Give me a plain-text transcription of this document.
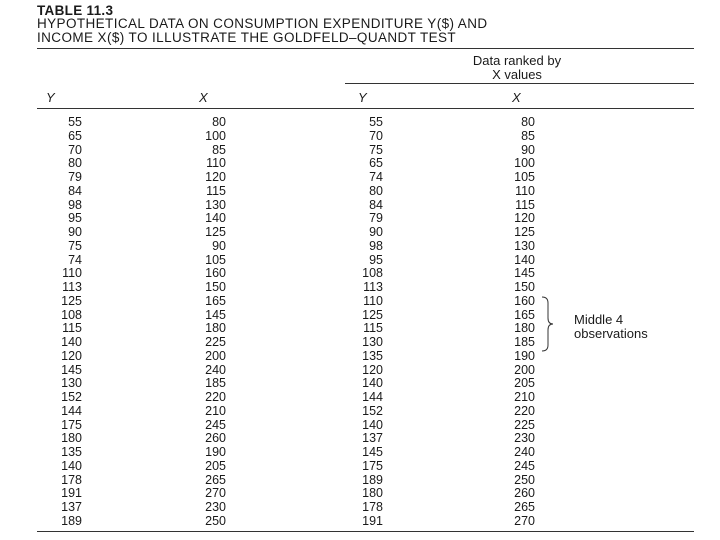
TABLE 11.3
HYPOTHETICAL DATA ON CONSUMPTION EXPENDITURE Y($) AND
INCOME X($) TO ILLUSTRATE THE GOLDFELD–QUANDT TEST
Data ranked by
X values
Y	X	Y	X
55	80	55	80
65	100	70	85
70	85	75	90
80	110	65	100
79	120	74	105
84	115	80	110
98	130	84	115
95	140	79	120
90	125	90	125
75	90	98	130
74	105	95	140
110	160	108	145
113	150	113	150
125	165	110	160
108	145	125	165
115	180	115	180
140	225	130	185
120	200	135	190
145	240	120	200
130	185	140	205
152	220	144	210
144	210	152	220
175	245	140	225
180	260	137	230
135	190	145	240
140	205	175	245
178	265	189	250
191	270	180	260
137	230	178	265
189	250	191	270
Middle 4
observations
